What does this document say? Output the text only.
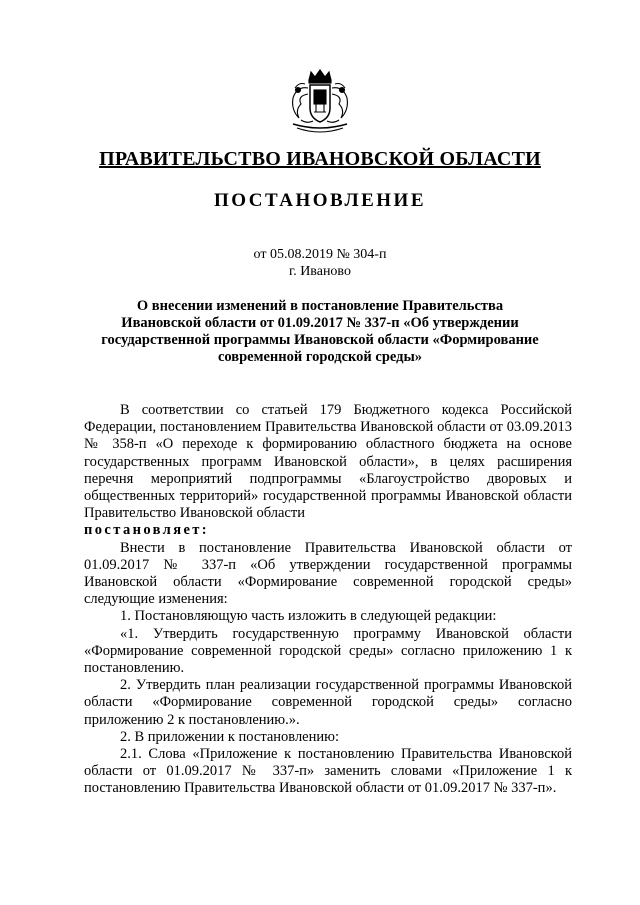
ПРАВИТЕЛЬСТВО ИВАНОВСКОЙ ОБЛАСТИ
ПОСТАНОВЛЕНИЕ
от 05.08.2019 № 304-п
г. Иваново
О внесении изменений в постановление Правительства
Ивановской области от 01.09.2017 № 337-п «Об утверждении
государственной программы Ивановской области «Формирование
современной городской среды»

В соответствии со статьей 179 Бюджетного кодекса Российской Федерации, постановлением Правительства Ивановской области от 03.09.2013 № 358-п «О переходе к формированию областного бюджета на основе государственных программ Ивановской области», в целях расширения перечня мероприятий подпрограммы «Благоустройство дворовых и общественных территорий» государственной программы Ивановской области Правительство Ивановской области

постановляет:

Внести в постановление Правительства Ивановской области от 01.09.2017 № 337-п «Об утверждении государственной программы Ивановской области «Формирование современной городской среды» следующие изменения:

1. Постановляющую часть изложить в следующей редакции:

«1. Утвердить государственную программу Ивановской области «Формирование современной городской среды» согласно приложению 1 к постановлению.

2. Утвердить план реализации государственной программы Ивановской области «Формирование современной городской среды» согласно приложению 2 к постановлению.».

2. В приложении к постановлению:

2.1. Слова «Приложение к постановлению Правительства Ивановской области от 01.09.2017 № 337-п» заменить словами «Приложение 1 к постановлению Правительства Ивановской области от 01.09.2017 № 337-п».
